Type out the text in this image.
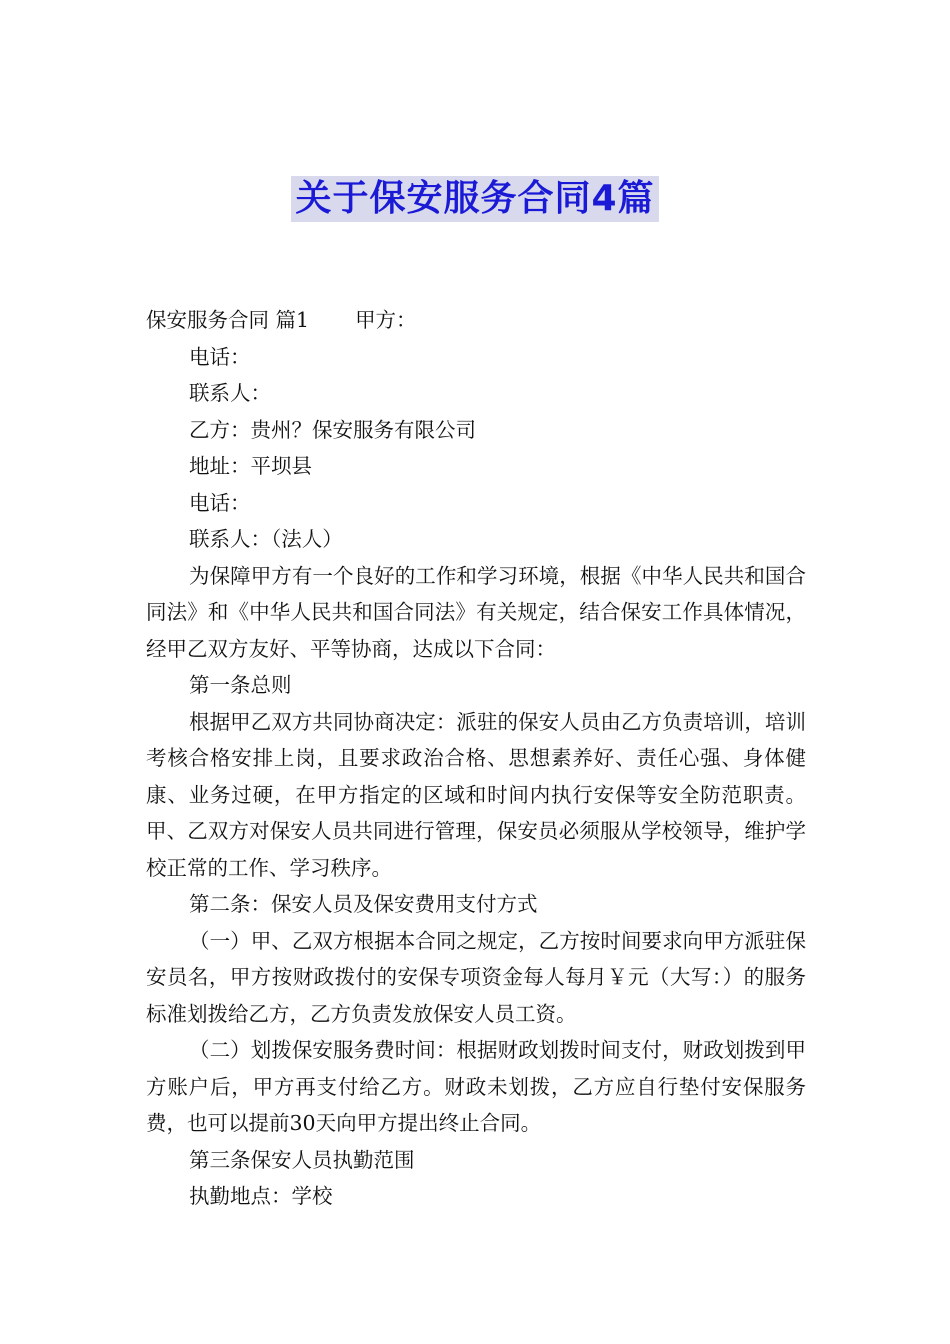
关于保安服务合同4篇

保安服务合同 篇1 甲方：

电话：

联系人：

乙方：贵州？保安服务有限公司

地址：平坝县

电话：

联系人：（法人）

为保障甲方有一个良好的工作和学习环境，根据《中华人民共和国合同法》和《中华人民共和国合同法》有关规定，结合保安工作具体情况，经甲乙双方友好、平等协商，达成以下合同：

第一条总则

根据甲乙双方共同协商决定：派驻的保安人员由乙方负责培训，培训考核合格安排上岗，且要求政治合格、思想素养好、责任心强、身体健康、业务过硬，在甲方指定的区域和时间内执行安保等安全防范职责。甲、乙双方对保安人员共同进行管理，保安员必须服从学校领导，维护学校正常的工作、学习秩序。

第二条：保安人员及保安费用支付方式

（一）甲、乙双方根据本合同之规定，乙方按时间要求向甲方派驻保安员名，甲方按财政拨付的安保专项资金每人每月￥元（大写：）的服务标准划拨给乙方，乙方负责发放保安人员工资。

（二）划拨保安服务费时间：根据财政划拨时间支付，财政划拨到甲方账户后，甲方再支付给乙方。财政未划拨，乙方应自行垫付安保服务费，也可以提前30天向甲方提出终止合同。

第三条保安人员执勤范围

执勤地点：学校
